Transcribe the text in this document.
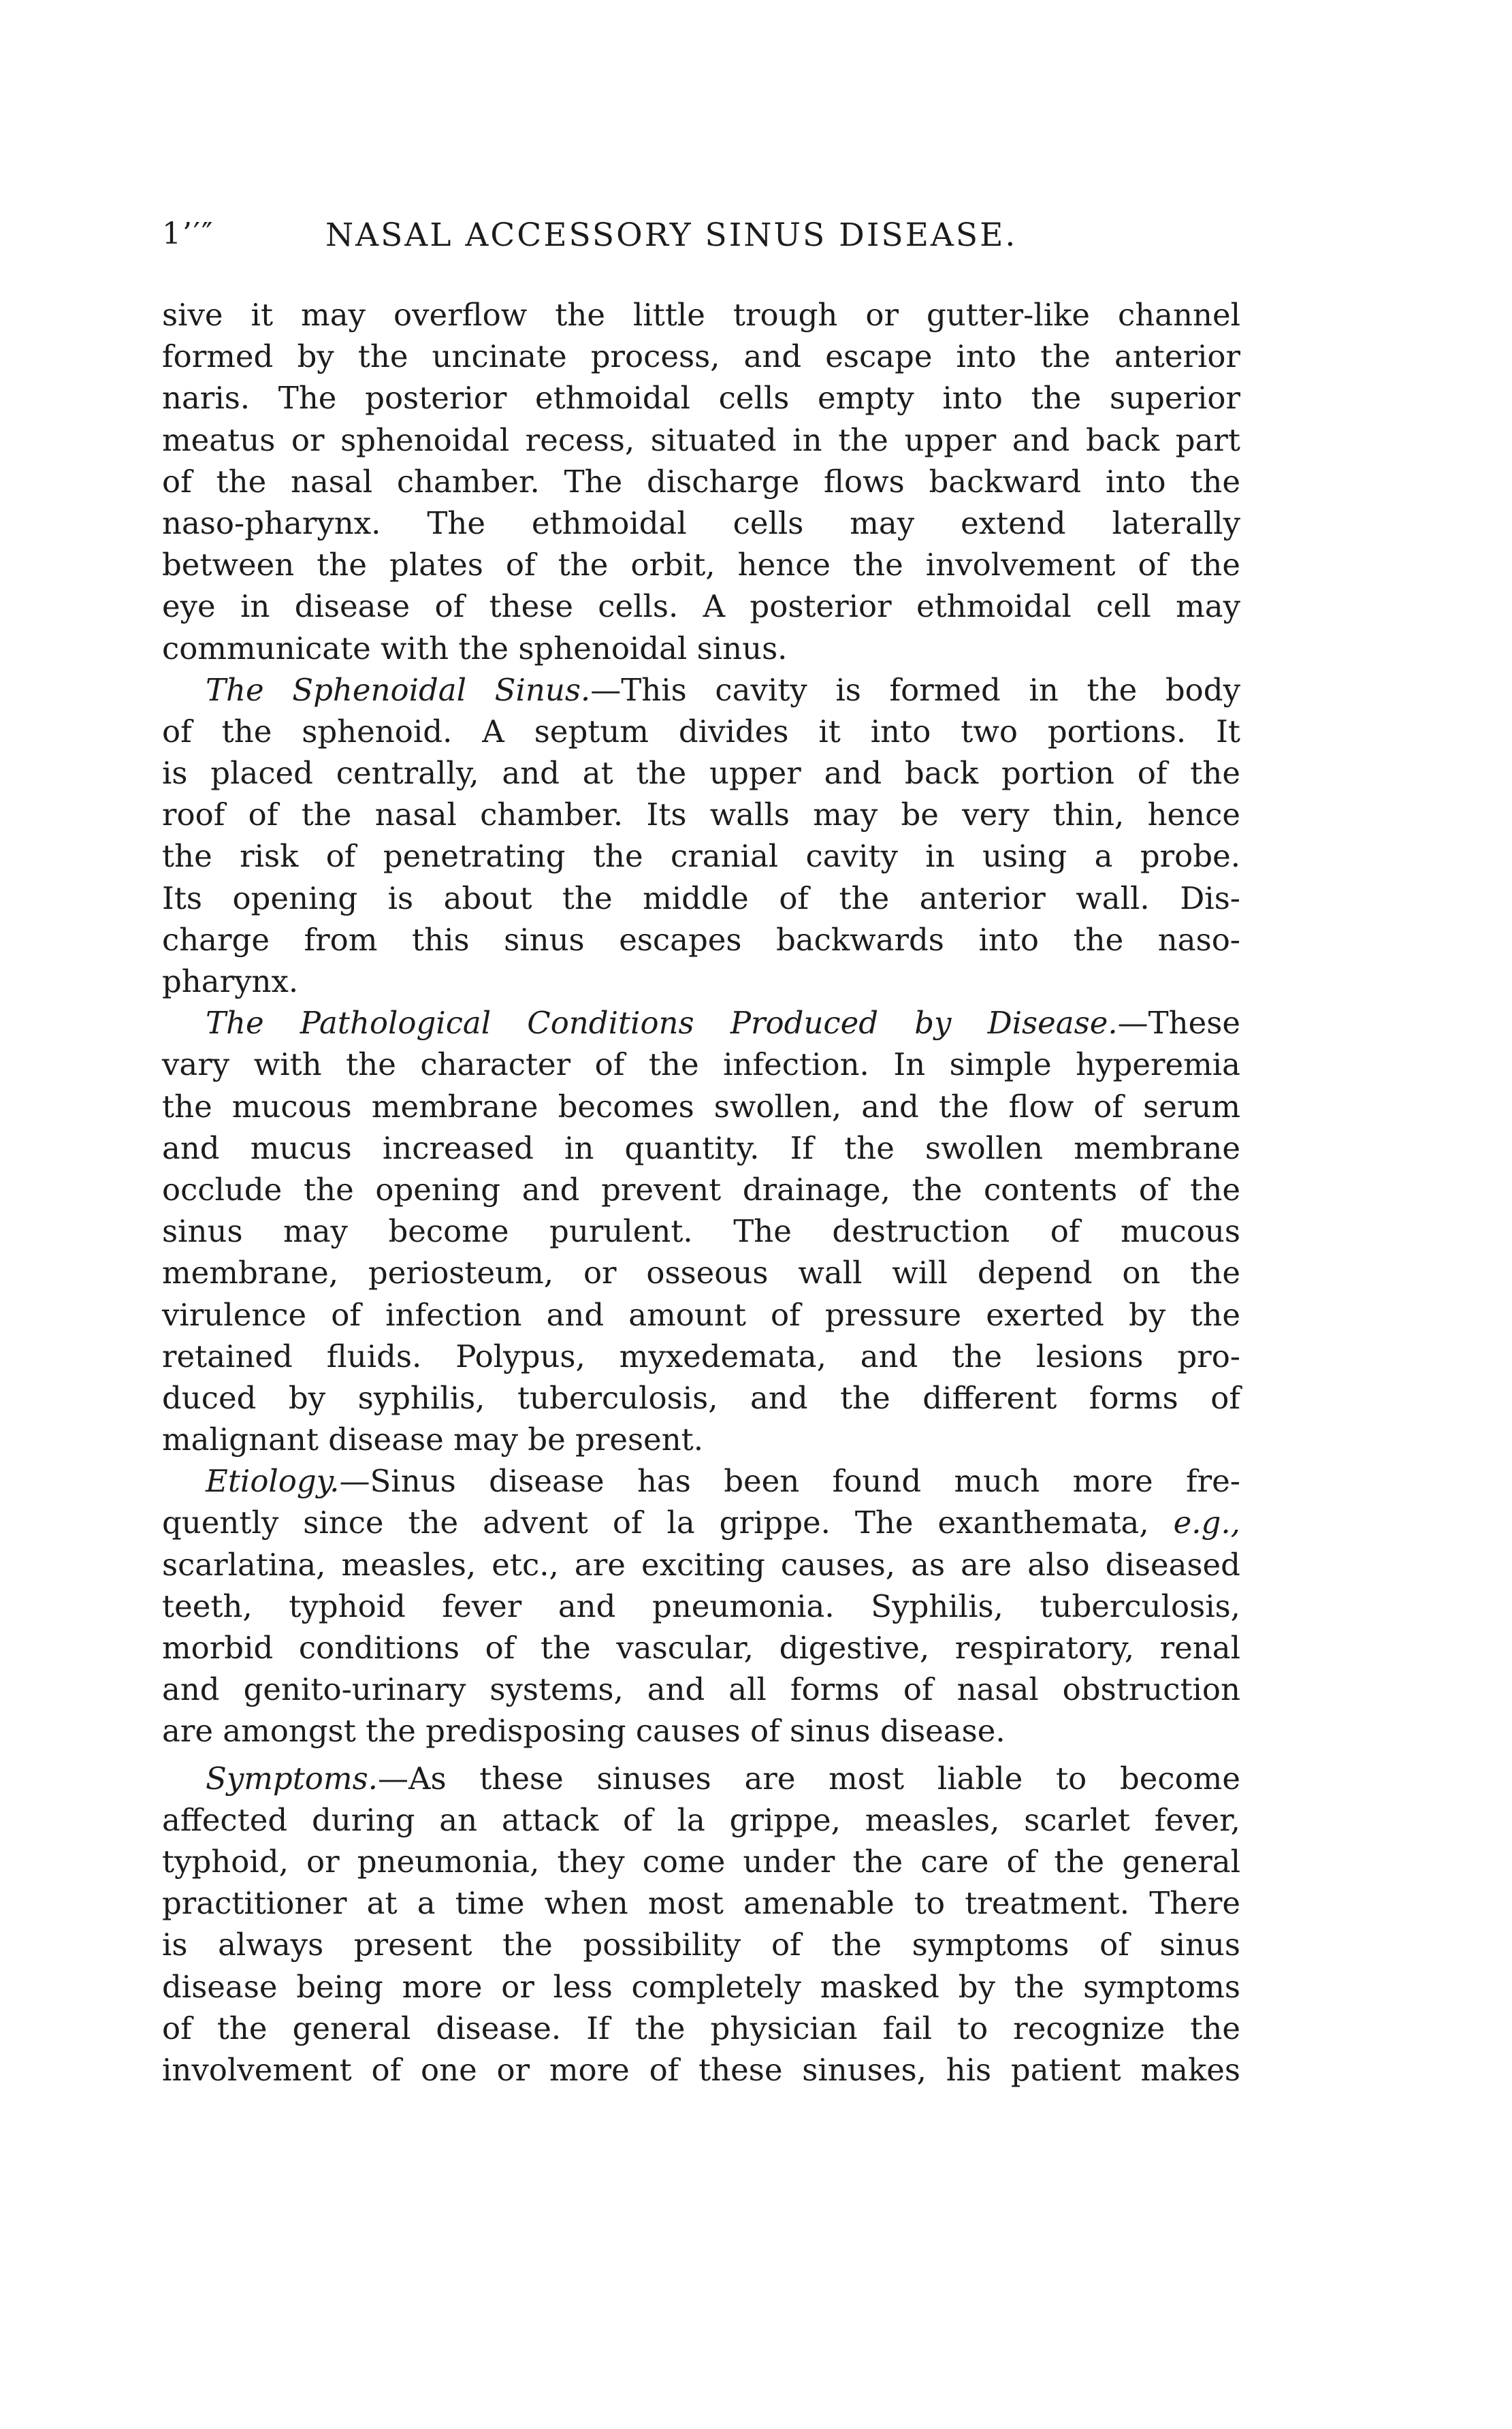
1’′″	NASAL ACCESSORY SINUS DISEASE.
sive it may overflow the little trough or gutter-like channel
formed by the uncinate process, and escape into the anterior
naris. The posterior ethmoidal cells empty into the superior
meatus or sphenoidal recess, situated in the upper and back part
of the nasal chamber. The discharge flows backward into the
naso-pharynx. The ethmoidal cells may extend laterally
between the plates of the orbit, hence the involvement of the
eye in disease of these cells. A posterior ethmoidal cell may
communicate with the sphenoidal sinus.
The Sphenoidal Sinus.—This cavity is formed in the body
of the sphenoid. A septum divides it into two portions. It
is placed centrally, and at the upper and back portion of the
roof of the nasal chamber. Its walls may be very thin, hence
the risk of penetrating the cranial cavity in using a probe.
Its opening is about the middle of the anterior wall. Dis-
charge from this sinus escapes backwards into the naso-
pharynx.
The Pathological Conditions Produced by Disease.—These
vary with the character of the infection. In simple hyperemia
the mucous membrane becomes swollen, and the flow of serum
and mucus increased in quantity. If the swollen membrane
occlude the opening and prevent drainage, the contents of the
sinus may become purulent. The destruction of mucous
membrane, periosteum, or osseous wall will depend on the
virulence of infection and amount of pressure exerted by the
retained fluids. Polypus, myxedemata, and the lesions pro-
duced by syphilis, tuberculosis, and the different forms of
malignant disease may be present.
Etiology.—Sinus disease has been found much more fre-
quently since the advent of la grippe. The exanthemata, e.g.,
scarlatina, measles, etc., are exciting causes, as are also diseased
teeth, typhoid fever and pneumonia. Syphilis, tuberculosis,
morbid conditions of the vascular, digestive, respiratory, renal
and genito-urinary systems, and all forms of nasal obstruction
are amongst the predisposing causes of sinus disease.
Symptoms.—As these sinuses are most liable to become
affected during an attack of la grippe, measles, scarlet fever,
typhoid, or pneumonia, they come under the care of the general
practitioner at a time when most amenable to treatment. There
is always present the possibility of the symptoms of sinus
disease being more or less completely masked by the symptoms
of the general disease. If the physician fail to recognize the
involvement of one or more of these sinuses, his patient makes
